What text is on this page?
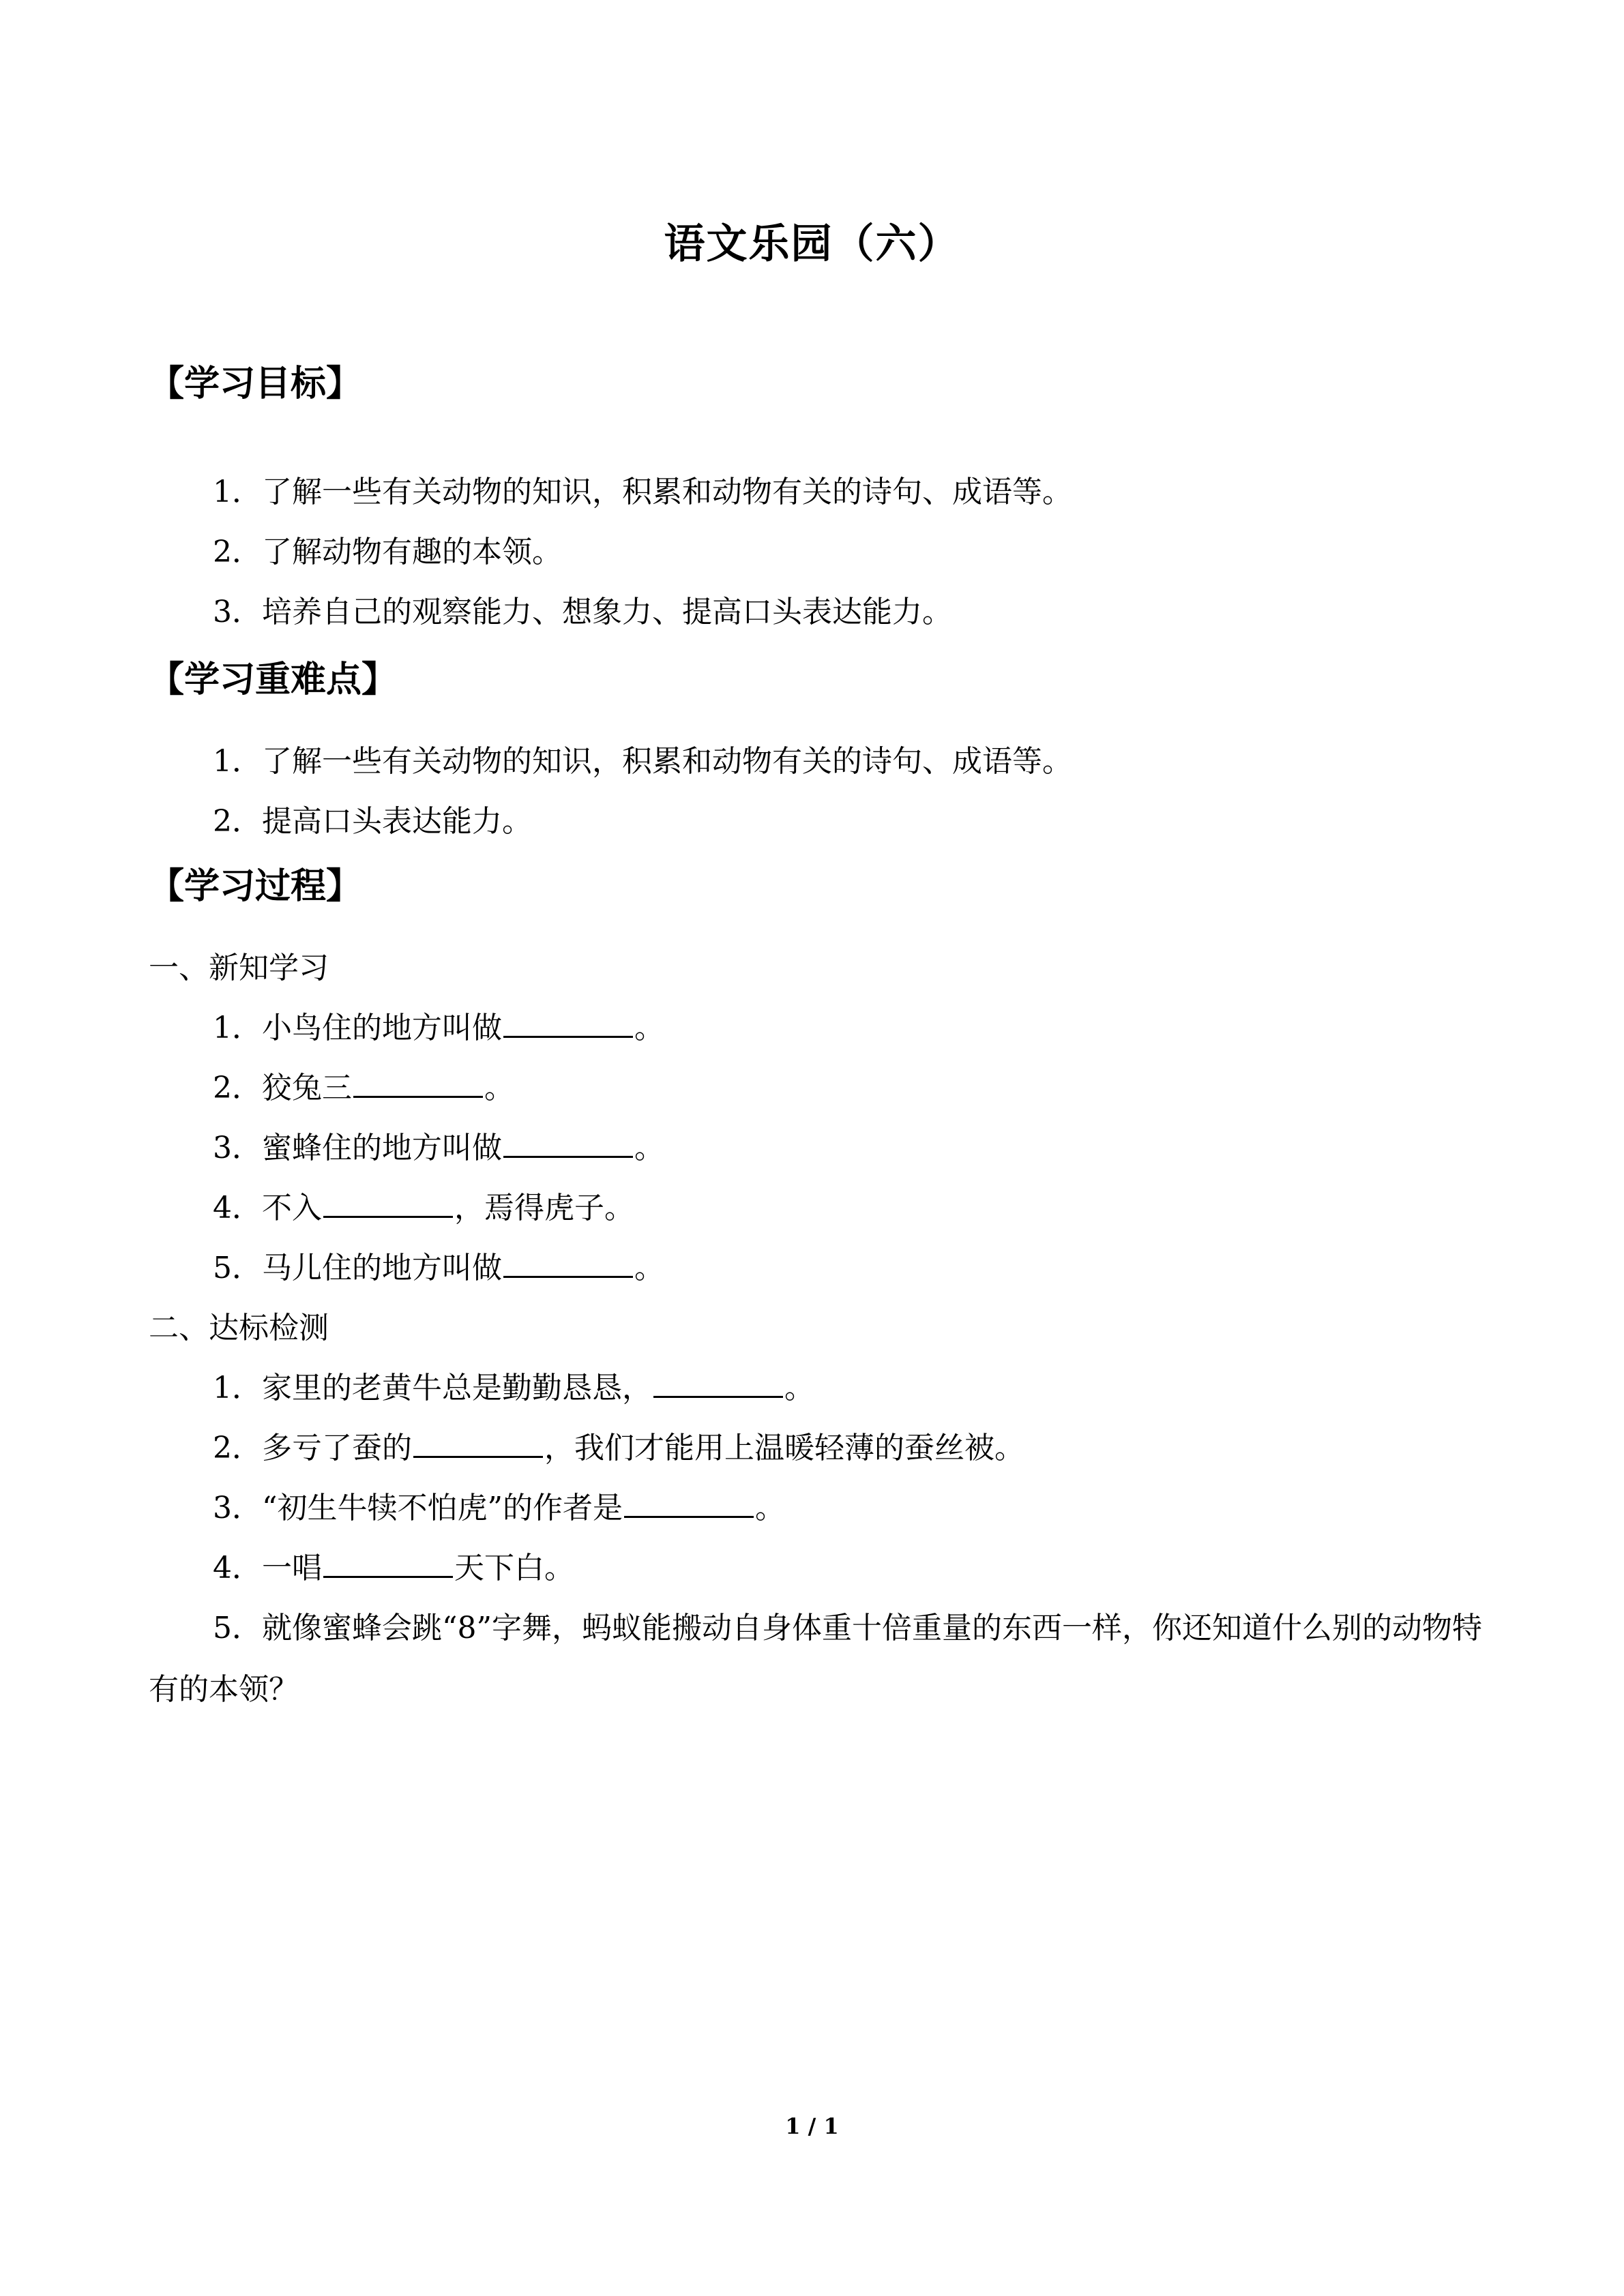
语文乐园（六）
【学习目标】
1．了解一些有关动物的知识，积累和动物有关的诗句、成语等。
2．了解动物有趣的本领。
3．培养自己的观察能力、想象力、提高口头表达能力。
【学习重难点】
1．了解一些有关动物的知识，积累和动物有关的诗句、成语等。
2．提高口头表达能力。
【学习过程】
一、新知学习
1．小鸟住的地方叫做	。
2．狡兔三	。
3．蜜蜂住的地方叫做	。
4．不入	，焉得虎子。
5．马儿住的地方叫做	。
二、达标检测
1．家里的老黄牛总是勤勤恳恳，	。
2．多亏了蚕的	，我们才能用上温暖轻薄的蚕丝被。
3．“初生牛犊不怕虎”的作者是	。
4．一唱	天下白。
5．就像蜜蜂会跳“8”字舞，蚂蚁能搬动自身体重十倍重量的东西一样，你还知道什么别的动物特有的本领？
1 / 1
